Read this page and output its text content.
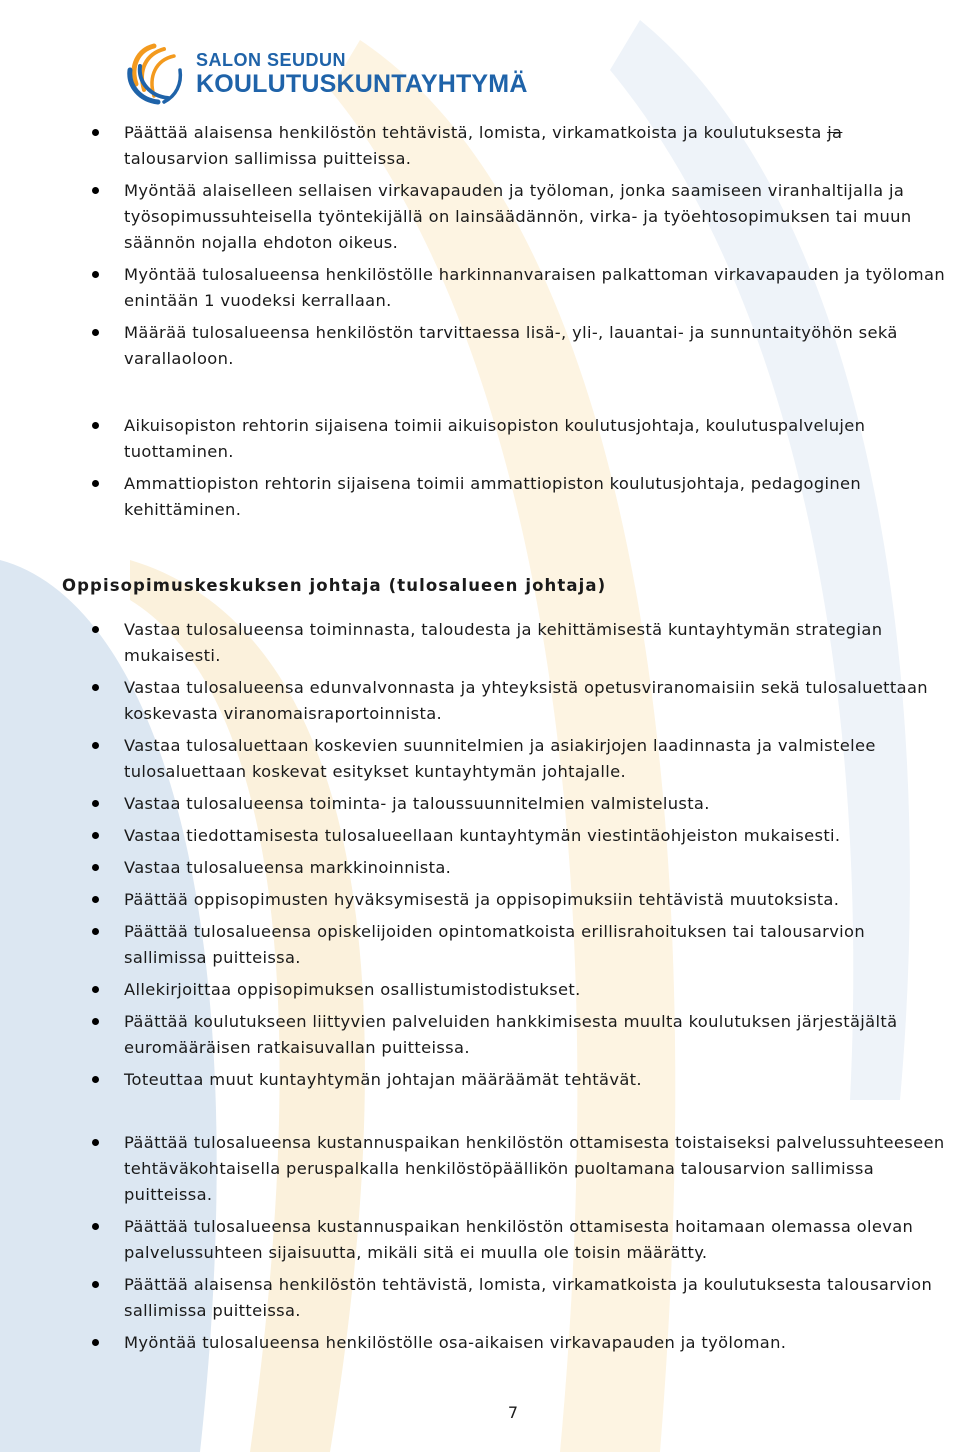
SALON SEUDUN
KOULUTUSKUNTAYHTYMÄ
Päättää alaisensa henkilöstön tehtävistä, lomista, virkamatkoista ja koulutuksesta ja talousarvion sallimissa puitteissa.
Myöntää alaiselleen sellaisen virkavapauden ja työloman, jonka saamiseen viranhaltijalla ja työsopimussuhteisella työntekijällä on lainsäädännön, virka- ja työehtosopimuksen tai muun säännön nojalla ehdoton oikeus.
Myöntää tulosalueensa henkilöstölle harkinnanvaraisen palkattoman virkavapauden ja työloman enintään 1 vuodeksi kerrallaan.
Määrää tulosalueensa henkilöstön tarvittaessa lisä-, yli-, lauantai- ja sunnuntaityöhön sekä varallaoloon.
Aikuisopiston rehtorin sijaisena toimii aikuisopiston koulutusjohtaja, koulutuspalvelujen tuottaminen.
Ammattiopiston rehtorin sijaisena toimii ammattiopiston koulutusjohtaja, pedagoginen kehittäminen.
Oppisopimuskeskuksen johtaja (tulosalueen johtaja)
Vastaa tulosalueensa toiminnasta, taloudesta ja kehittämisestä kuntayhtymän strategian mukaisesti.
Vastaa tulosalueensa edunvalvonnasta ja yhteyksistä opetusviranomaisiin sekä tulosaluettaan koskevasta viranomaisraportoinnista.
Vastaa tulosaluettaan koskevien suunnitelmien ja asiakirjojen laadinnasta ja valmistelee tulosaluettaan koskevat esitykset kuntayhtymän johtajalle.
Vastaa tulosalueensa toiminta- ja taloussuunnitelmien valmistelusta.
Vastaa tiedottamisesta tulosalueellaan kuntayhtymän viestintäohjeiston mukaisesti.
Vastaa tulosalueensa markkinoinnista.
Päättää oppisopimusten hyväksymisestä ja oppisopimuksiin tehtävistä muutoksista.
Päättää tulosalueensa opiskelijoiden opintomatkoista erillisrahoituksen tai talousarvion sallimissa puitteissa.
Allekirjoittaa oppisopimuksen osallistumistodistukset.
Päättää koulutukseen liittyvien palveluiden hankkimisesta muulta koulutuksen järjestäjältä euromääräisen ratkaisuvallan puitteissa.
Toteuttaa muut kuntayhtymän johtajan määräämät tehtävät.
Päättää tulosalueensa kustannuspaikan henkilöstön ottamisesta toistaiseksi palvelussuhteeseen tehtäväkohtaisella peruspalkalla henkilöstöpäällikön puoltamana talousarvion sallimissa puitteissa.
Päättää tulosalueensa kustannuspaikan henkilöstön ottamisesta hoitamaan olemassa olevan palvelussuhteen sijaisuutta, mikäli sitä ei muulla ole toisin määrätty.
Päättää alaisensa henkilöstön tehtävistä, lomista, virkamatkoista ja koulutuksesta talousarvion sallimissa puitteissa.
Myöntää tulosalueensa henkilöstölle osa-aikaisen virkavapauden ja työloman.
7
